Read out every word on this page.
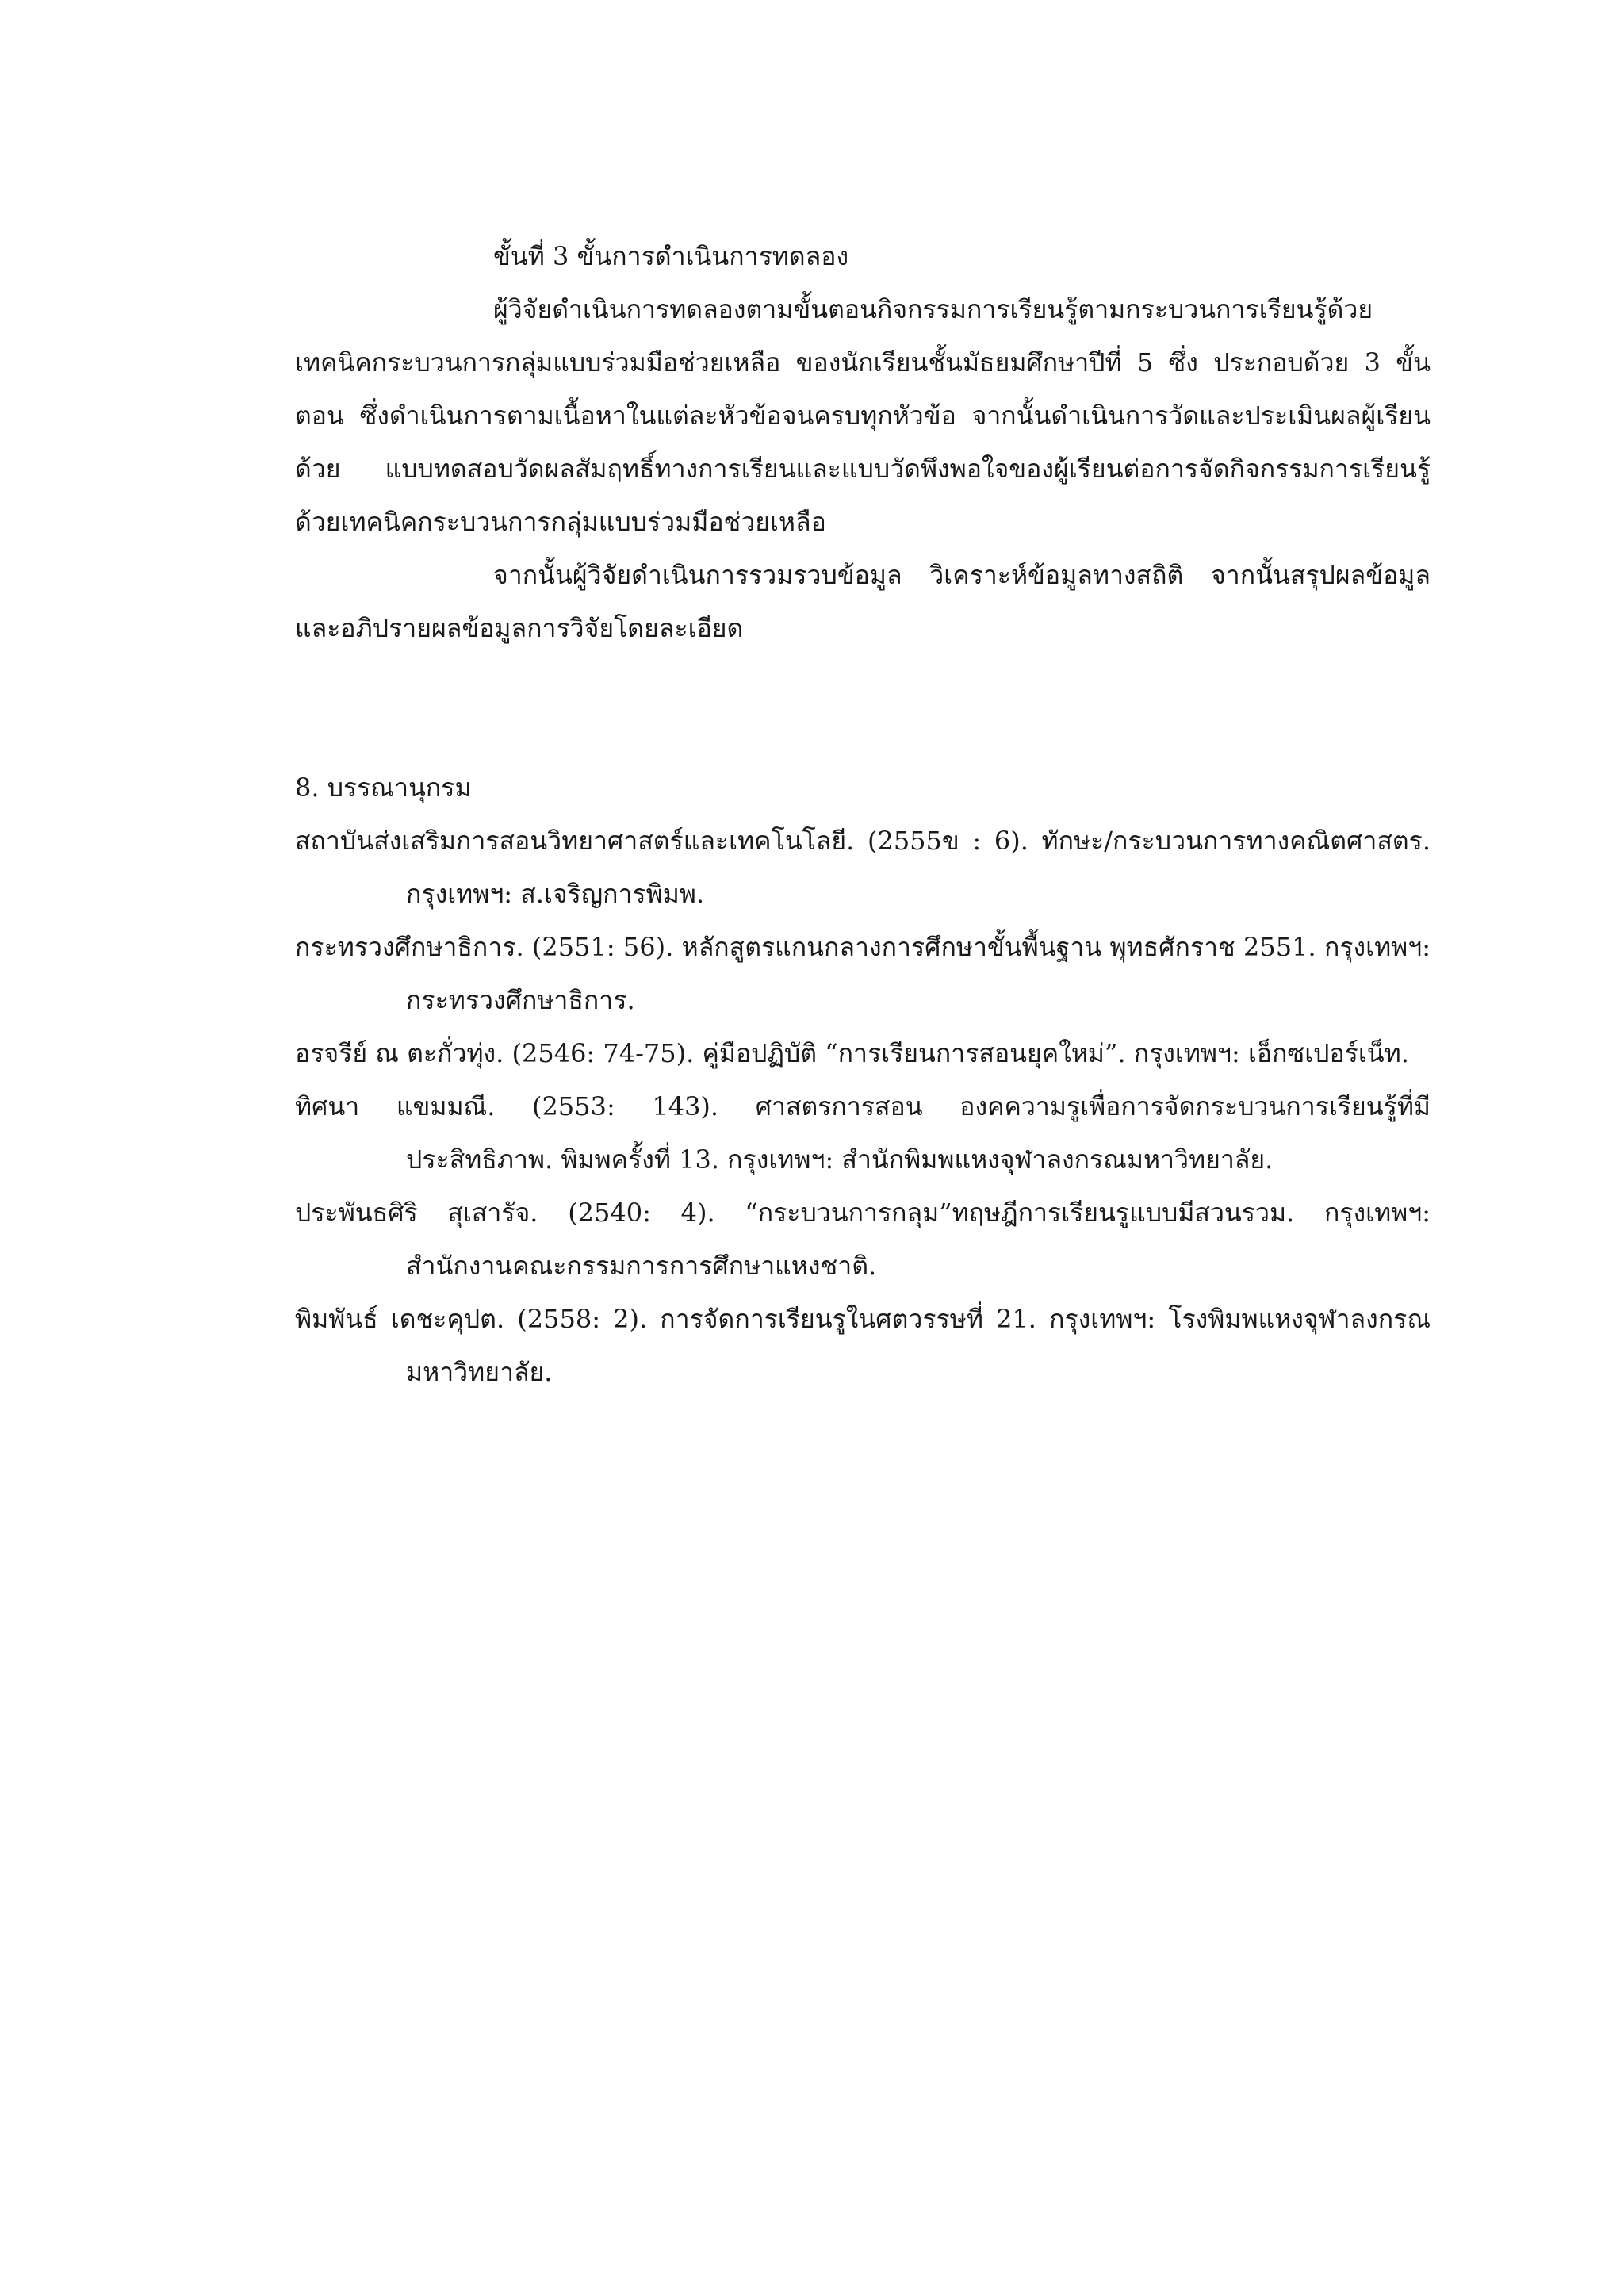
ขั้นที่ 3 ขั้นการดำเนินการทดลอง

ผู้วิจัยดำเนินการทดลองตามขั้นตอนกิจกรรมการเรียนรู้ตามกระบวนการเรียนรู้ด้วยเทคนิคกระบวนการกลุ่มแบบร่วมมือช่วยเหลือ ของนักเรียนชั้นมัธยมศึกษาปีที่ 5 ซึ่ง ประกอบด้วย 3 ขั้นตอน ซึ่งดำเนินการตามเนื้อหาในแต่ละหัวข้อจนครบทุกหัวข้อ จากนั้นดำเนินการวัดและประเมินผลผู้เรียนด้วย แบบทดสอบวัดผลสัมฤทธิ์ทางการเรียนและแบบวัดพึงพอใจของผู้เรียนต่อการจัดกิจกรรมการเรียนรู้ด้วยเทคนิคกระบวนการกลุ่มแบบร่วมมือช่วยเหลือ

จากนั้นผู้วิจัยดำเนินการรวมรวบข้อมูล วิเคราะห์ข้อมูลทางสถิติ จากนั้นสรุปผลข้อมูลและอภิปรายผลข้อมูลการวิจัยโดยละเอียด

8. บรรณานุกรม

สถาบันส่งเสริมการสอนวิทยาศาสตร์และเทคโนโลยี. (2555ข : 6). ทักษะ/กระบวนการทางคณิตศาสตร. กรุงเทพฯ: ส.เจริญการพิมพ.
กระทรวงศึกษาธิการ. (2551: 56). หลักสูตรแกนกลางการศึกษาขั้นพื้นฐาน พุทธศักราช 2551. กรุงเทพฯ: กระทรวงศึกษาธิการ.
อรจรีย์ ณ ตะกั่วทุ่ง. (2546: 74-75). คู่มือปฏิบัติ “การเรียนการสอนยุคใหม่”. กรุงเทพฯ: เอ็กซเปอร์เน็ท.
ทิศนา แขมมณี. (2553: 143). ศาสตรการสอน องคความรูเพื่อการจัดกระบวนการเรียนรู้ที่มีประสิทธิภาพ. พิมพครั้งที่ 13. กรุงเทพฯ: สำนักพิมพแหงจุฬาลงกรณมหาวิทยาลัย.
ประพันธศิริ สุเสารัจ. (2540: 4). “กระบวนการกลุม”ทฤษฎีการเรียนรูแบบมีสวนรวม. กรุงเทพฯ: สำนักงานคณะกรรมการการศึกษาแหงชาติ.
พิมพันธ์ เดชะคุปต. (2558: 2). การจัดการเรียนรูในศตวรรษที่ 21. กรุงเทพฯ: โรงพิมพแหงจุฬาลงกรณมหาวิทยาลัย.
